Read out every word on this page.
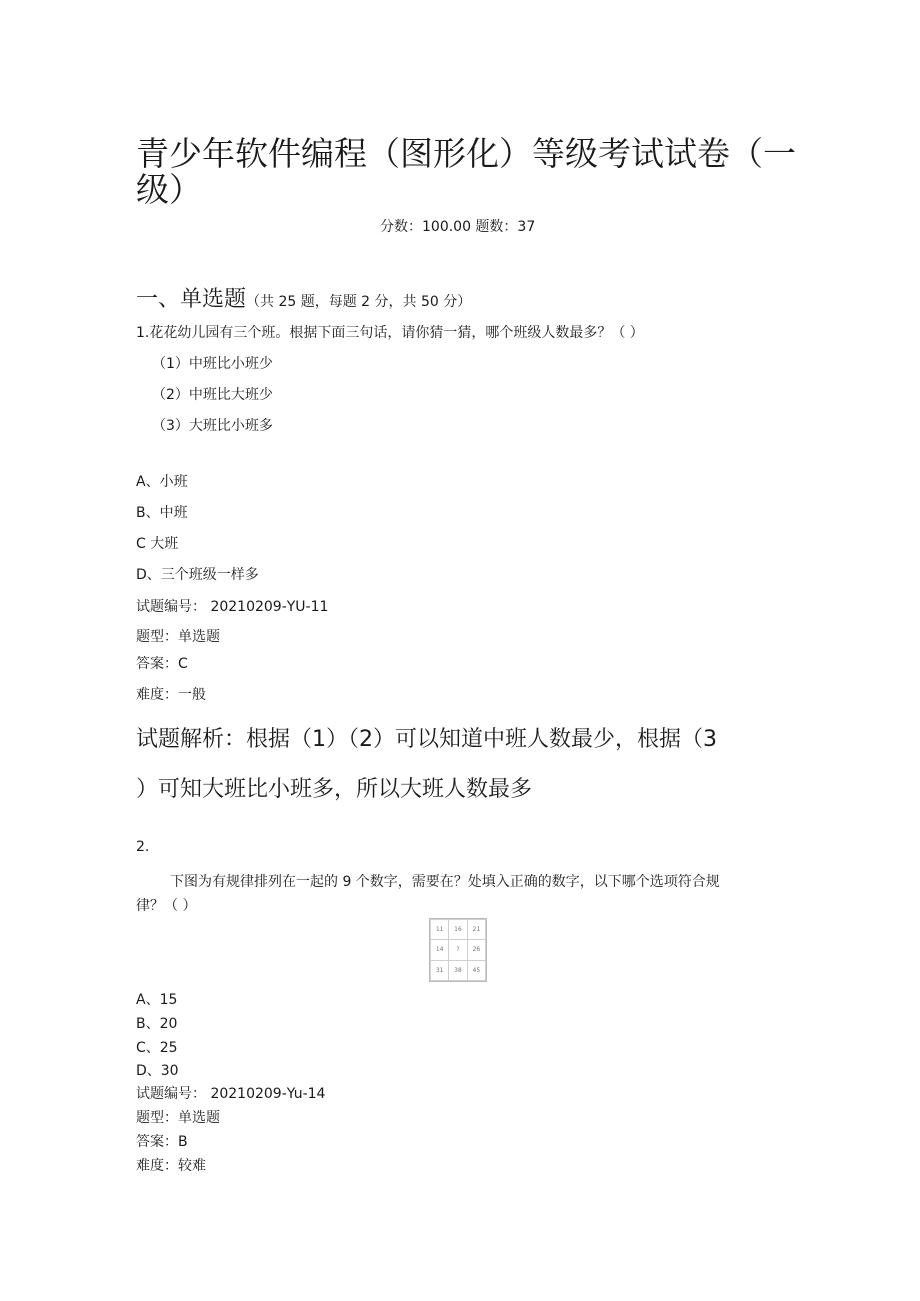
青少年软件编程（图形化）等级考试试卷（一
级）
分数：100.00 题数：37
一、单选题（共 25 题，每题 2 分，共 50 分）
1.花花幼儿园有三个班。根据下面三句话，请你猜一猜，哪个班级人数最多？（ ）
（1）中班比小班少
（2）中班比大班少
（3）大班比小班多
A、小班
B、中班
C 大班
D、三个班级一样多
试题编号： 20210209-YU-11
题型：单选题
答案：C
难度：一般
试题解析：根据（1）（2）可以知道中班人数最少，根据（3
）可知大班比小班多，所以大班人数最多
2.
下图为有规律排列在一起的 9 个数字，需要在？处填入正确的数字，以下哪个选项符合规
律？（ ）
11	16	21
14	?	26
31	38	45
A、15
B、20
C、25
D、30
试题编号： 20210209-Yu-14
题型：单选题
答案：B
难度：较难
